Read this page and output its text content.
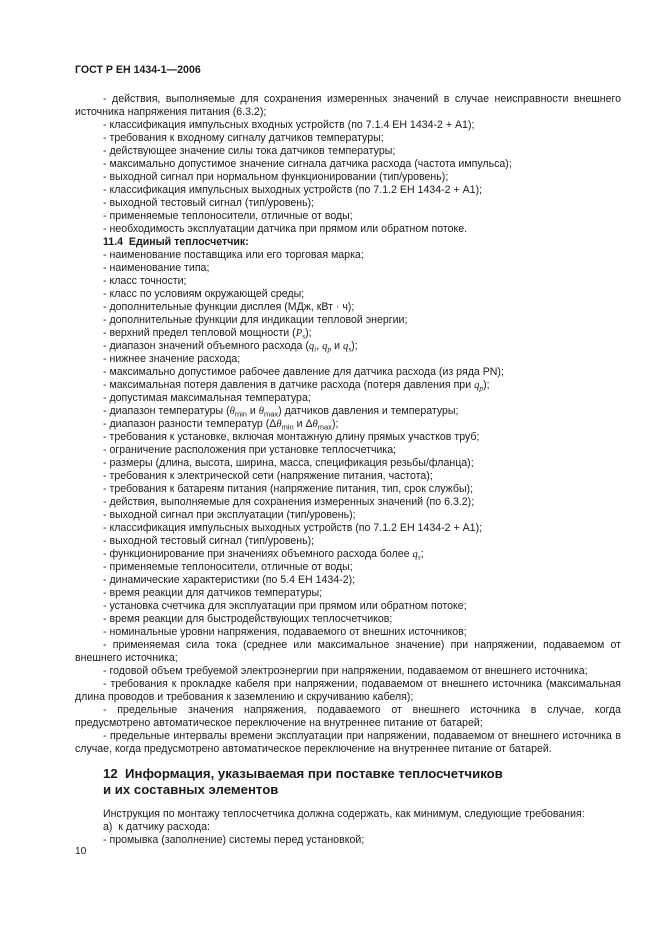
ГОСТ Р ЕН 1434-1—2006

- действия, выполняемые для сохранения измеренных значений в случае неисправности внешнего источника напряжения питания (6.3.2);

- классификация импульсных входных устройств (по 7.1.4 ЕН 1434-2 + А1);

- требования к входному сигналу датчиков температуры;

- действующее значение силы тока датчиков температуры;

- максимально допустимое значение сигнала датчика расхода (частота импульса);

- выходной сигнал при нормальном функционировании (тип/уровень);

- классификация импульсных выходных устройств (по 7.1.2 ЕН 1434-2 + А1);

- выходной тестовый сигнал (тип/уровень);

- применяемые теплоносители, отличные от воды;

- необходимость эксплуатации датчика при прямом или обратном потоке.

11.4  Единый теплосчетчик:

- наименование поставщика или его торговая марка;

- наименование типа;

- класс точности;

- класс по условиям окружающей среды;

- дополнительные функции дисплея (МДж, кВт · ч);

- дополнительные функции для индикации тепловой энергии;

- верхний предел тепловой мощности $(P_s)$;

- диапазон значений объемного расхода ($q_i$, $q_p$ и $q_s$);

- нижнее значение расхода;

- максимально допустимое рабочее давление для датчика расхода (из ряда PN);

- максимальная потеря давления в датчике расхода (потеря давления при $q_p$);

- допустимая максимальная температура;

- диапазон температуры ($\theta_{min}$ и $\theta_{max}$) датчиков давления и температуры;

- диапазон разности температур ($\Delta\theta_{min}$ и $\Delta\theta_{max}$);

- требования к установке, включая монтажную длину прямых участков труб;

- ограничение расположения при установке теплосчетчика;

- размеры (длина, высота, ширина, масса, спецификация резьбы/фланца);

- требования к электрической сети (напряжение питания, частота);

- требования к батареям питания (напряжение питания, тип, срок службы);

- действия, выполняемые для сохранения измеренных значений (по 6.3.2);

- выходной сигнал при эксплуатации (тип/уровень);

- классификация импульсных выходных устройств (по 7.1.2 ЕН 1434-2 + А1);

- выходной тестовый сигнал (тип/уровень);

- функционирование при значениях объемного расхода более $q_s$;

- применяемые теплоносители, отличные от воды;

- динамические характеристики (по 5.4 ЕН 1434-2);

- время реакции для датчиков температуры;

- установка счетчика для эксплуатации при прямом или обратном потоке;

- время реакции для быстродействующих теплосчетчиков;

- номинальные уровни напряжения, подаваемого от внешних источников;

- применяемая сила тока (среднее или максимальное значение) при напряжении, подаваемом от внешнего источника;

- годовой объем требуемой электроэнергии при напряжении, подаваемом от внешнего источника;

- требования к прокладке кабеля при напряжении, подаваемом от внешнего источника (максимальная длина проводов и требования к заземлению и скручиванию кабеля);

- предельные значения напряжения, подаваемого от внешнего источника в случае, когда предусмотрено автоматическое переключение на внутреннее питание от батарей;

- предельные интервалы времени эксплуатации при напряжении, подаваемом от внешнего источника в случае, когда предусмотрено автоматическое переключение на внутреннее питание от батарей.

12  Информация, указываемая при поставке теплосчетчиков
и их составных элементов

Инструкция по монтажу теплосчетчика должна содержать, как минимум, следующие требования:

а)  к датчику расхода:

- промывка (заполнение) системы перед установкой;

10
